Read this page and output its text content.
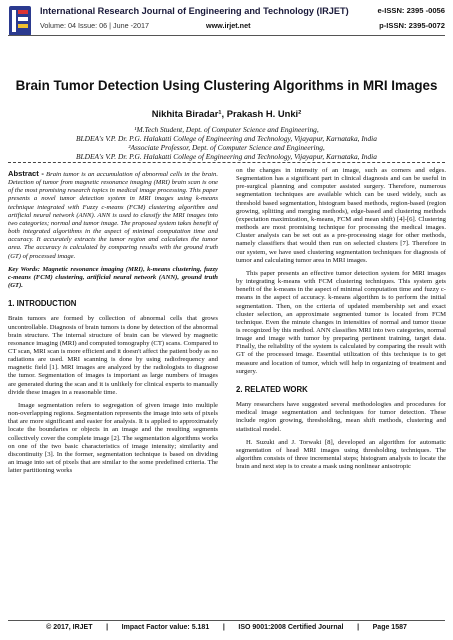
International Research Journal of Engineering and Technology (IRJET)	e-ISSN: 2395 -0056
Volume: 04 Issue: 06 | June -2017	www.irjet.net	p-ISSN: 2395-0072
Brain Tumor Detection Using Clustering Algorithms in MRI Images
Nikhita Biradar¹, Prakash H. Unki²
¹M.Tech Student, Dept. of Computer Science and Engineering,
BLDEA's V.P. Dr. P.G. Halakatti College of Engineering and Technology, Vijayapur, Karnataka, India
²Associate Professor, Dept. of Computer Science and Engineering,
BLDEA's V.P. Dr. P.G. Halakatti College of Engineering and Technology, Vijayapur, Karnataka, India

Abstract - Brain tumor is an accumulation of abnormal cells in the brain. Detection of tumor from magnetic resonance imaging (MRI) brain scan is one of the most promising research topics in medical image processing. This paper presents a novel tumor detection system in MRI images using k-means technique integrated with Fuzzy c-means (FCM) clustering algorithm and artificial neural network (ANN). ANN is used to classify the MRI images into two categories; normal and tumor image. The proposed system takes benefit of both integrated algorithms in the aspect of minimal computation time and accuracy. It accurately extracts the tumor region and calculates the tumor area. The accuracy is calculated by comparing results with the ground truth (GT) of processed image.

Key Words: Magnetic resonance imaging (MRI), k-means clustering, fuzzy c-means (FCM) clustering, artificial neural network (ANN), ground truth (GT).

1. INTRODUCTION

Brain tumors are formed by collection of abnormal cells that grows uncontrollable. Diagnosis of brain tumors is done by detection of the abnormal brain structure. The internal structure of brain can be viewed by magnetic resonance imaging (MRI) and computed tomography (CT) scans. Compared to CT scan, MRI scan is more efficient and it doesn't affect the patient body as no radiations are used. MRI scanning is done by using radiofrequency and magnetic field [1]. MRI images are analyzed by the radiologists to diagnose the tumor. Segmentation of images is important as large numbers of images are generated during the scan and it is unlikely for clinical experts to manually divide these images in a reasonable time.

Image segmentation refers to segregation of given image into multiple non-overlapping regions. Segmentation represents the image into sets of pixels that are more significant and easier for analysis. It is applied to approximately locate the boundaries or objects in an image and the resulting segments collectively cover the complete image [2]. The segmentation algorithms works on one of the two basic characteristics of image intensity; similarity and discontinuity [3]. In the former, segmentation technique is based on dividing an image into set of pixels that are similar to the some predefined criteria. The latter partitioning works

on the changes in intensity of an image, such as corners and edges. Segmentation has a significant part in clinical diagnosis and can be useful in pre-surgical planning and computer assisted surgery. Therefore, numerous segmentation techniques are available which can be used widely, such as threshold based segmentation, histogram based methods, region-based (region growing, splitting and merging methods), edge-based and clustering methods (expectation maximization, k-means, FCM and mean shift) [4]-[6]. Clustering methods are most promising technique for processing the medical images. Cluster analysis can be set out as a pre-processing stage for other methods, namely classifiers that would then run on selected clusters [7]. Therefore in our system, we have used clustering segmentation techniques for diagnosis of tumor and calculating tumor area in MRI images.

This paper presents an effective tumor detection system for MRI images by integrating k-means with FCM clustering techniques. This system gets benefit of the k-means in the aspect of minimal computation time and fuzzy c-means in the aspect of accuracy. k-means algorithm is to perform the initial segmentation. Then, on the criteria of updated membership set and exact cluster selection, an approximate segmented tumor is located from FCM technique. Even the minute changes in intensities of normal and tumor tissue is recognized by this method. ANN classifies MRI into two categories, normal image and image with tumor by preparing pertinent training, target data. Finally, the reliability of the system is calculated by comparing the result with GT of the processed image. Essential utilization of this technique is to get measure and location of tumor, which will help in organizing of treatment and surgery.

2. RELATED WORK

Many researchers have suggested several methodologies and procedures for medical image segmentation and techniques for tumor detection. These include region growing, thresholding, mean shift methods, clustering and statistical model.

H. Suzuki and J. Torwaki [8], developed an algorithm for automatic segmentation of head MRI images using thresholding techniques. The algorithm consists of three incremental steps; histogram analysis to locate the brain and next step is to create a mask using nonlinear anisotropic

© 2017, IRJET       |       Impact Factor value: 5.181       |       ISO 9001:2008 Certified Journal       |       Page 1587
